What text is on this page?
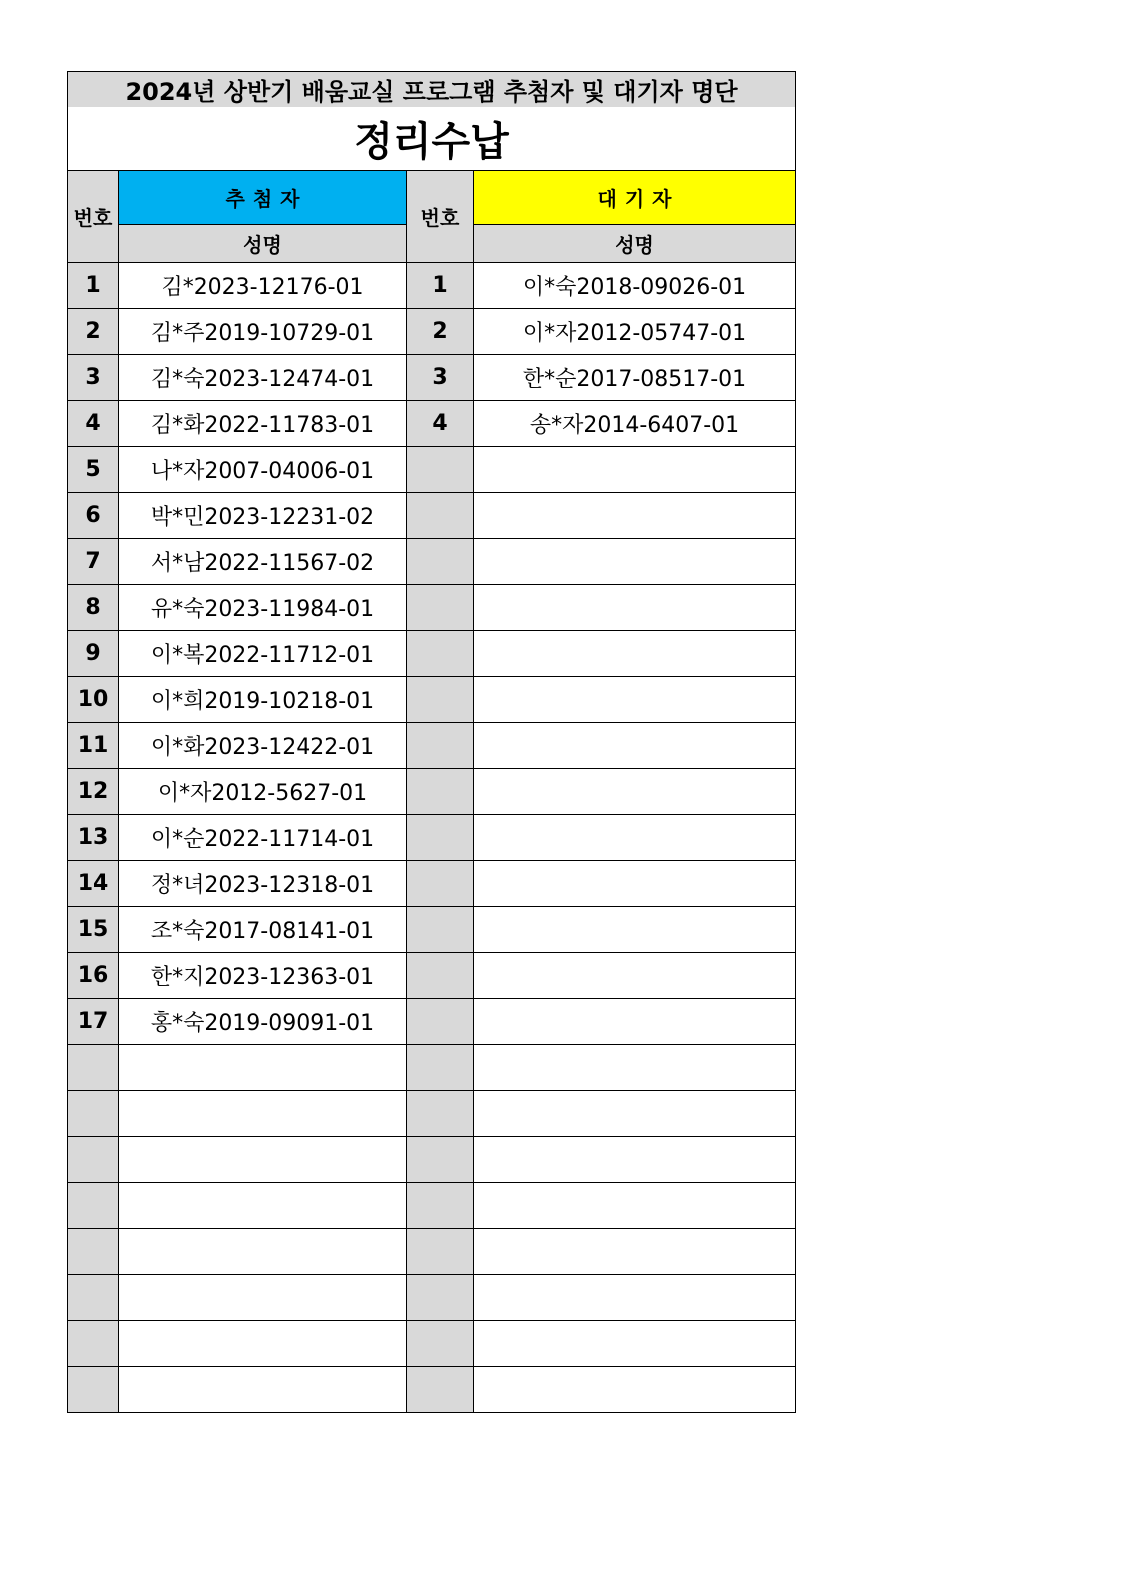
2024년 상반기 배움교실 프로그램 추첨자 및 대기자 명단			
정리수납			
번호	추첨자	번호	대기자
	성명		성명
1	김*2023-12176-01	1	이*숙2018-09026-01
2	김*주2019-10729-01	2	이*자2012-05747-01
3	김*숙2023-12474-01	3	한*순2017-08517-01
4	김*화2022-11783-01	4	송*자2014-6407-01
5	나*자2007-04006-01		
6	박*민2023-12231-02		
7	서*남2022-11567-02		
8	유*숙2023-11984-01		
9	이*복2022-11712-01		
10	이*희2019-10218-01		
11	이*화2023-12422-01		
12	이*자2012-5627-01		
13	이*순2022-11714-01		
14	정*녀2023-12318-01		
15	조*숙2017-08141-01		
16	한*지2023-12363-01		
17	홍*숙2019-09091-01		
